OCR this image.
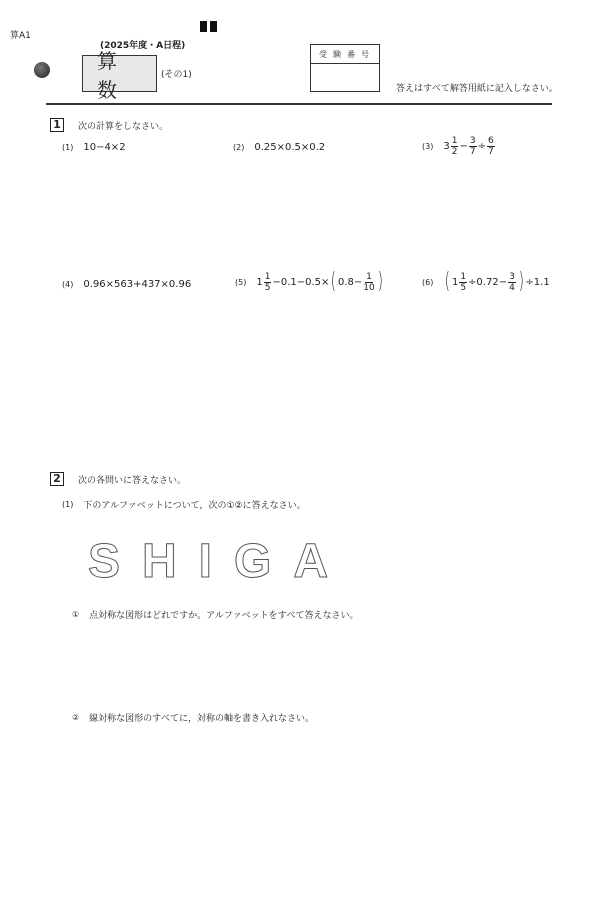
算A1
(2025年度・A日程)
算数
(その1)
受験番号
答えはすべて解答用紙に記入しなさい。
1	次の計算をしなさい。
(1) 10−4×2	(2) 0.25×0.5×0.2	(3) $3 \frac{1}{2} - \frac{3}{7} \div \frac{6}{7}$
(4) 0.96×563+437×0.96	(5) $1 \frac{1}{5} -0.1-0.5\times$ ( $0.8- \frac{1}{10}$ )	(6) ( $1 \frac{1}{5} \div 0.72- \frac{3}{4}$ ) ÷1.1
2	次の各問いに答えなさい。
(1) 下のアルファベットについて，次の①②に答えなさい。
SHIGA
① 点対称な図形はどれですか。アルファベットをすべて答えなさい。
② 線対称な図形のすべてに，対称の軸を書き入れなさい。
